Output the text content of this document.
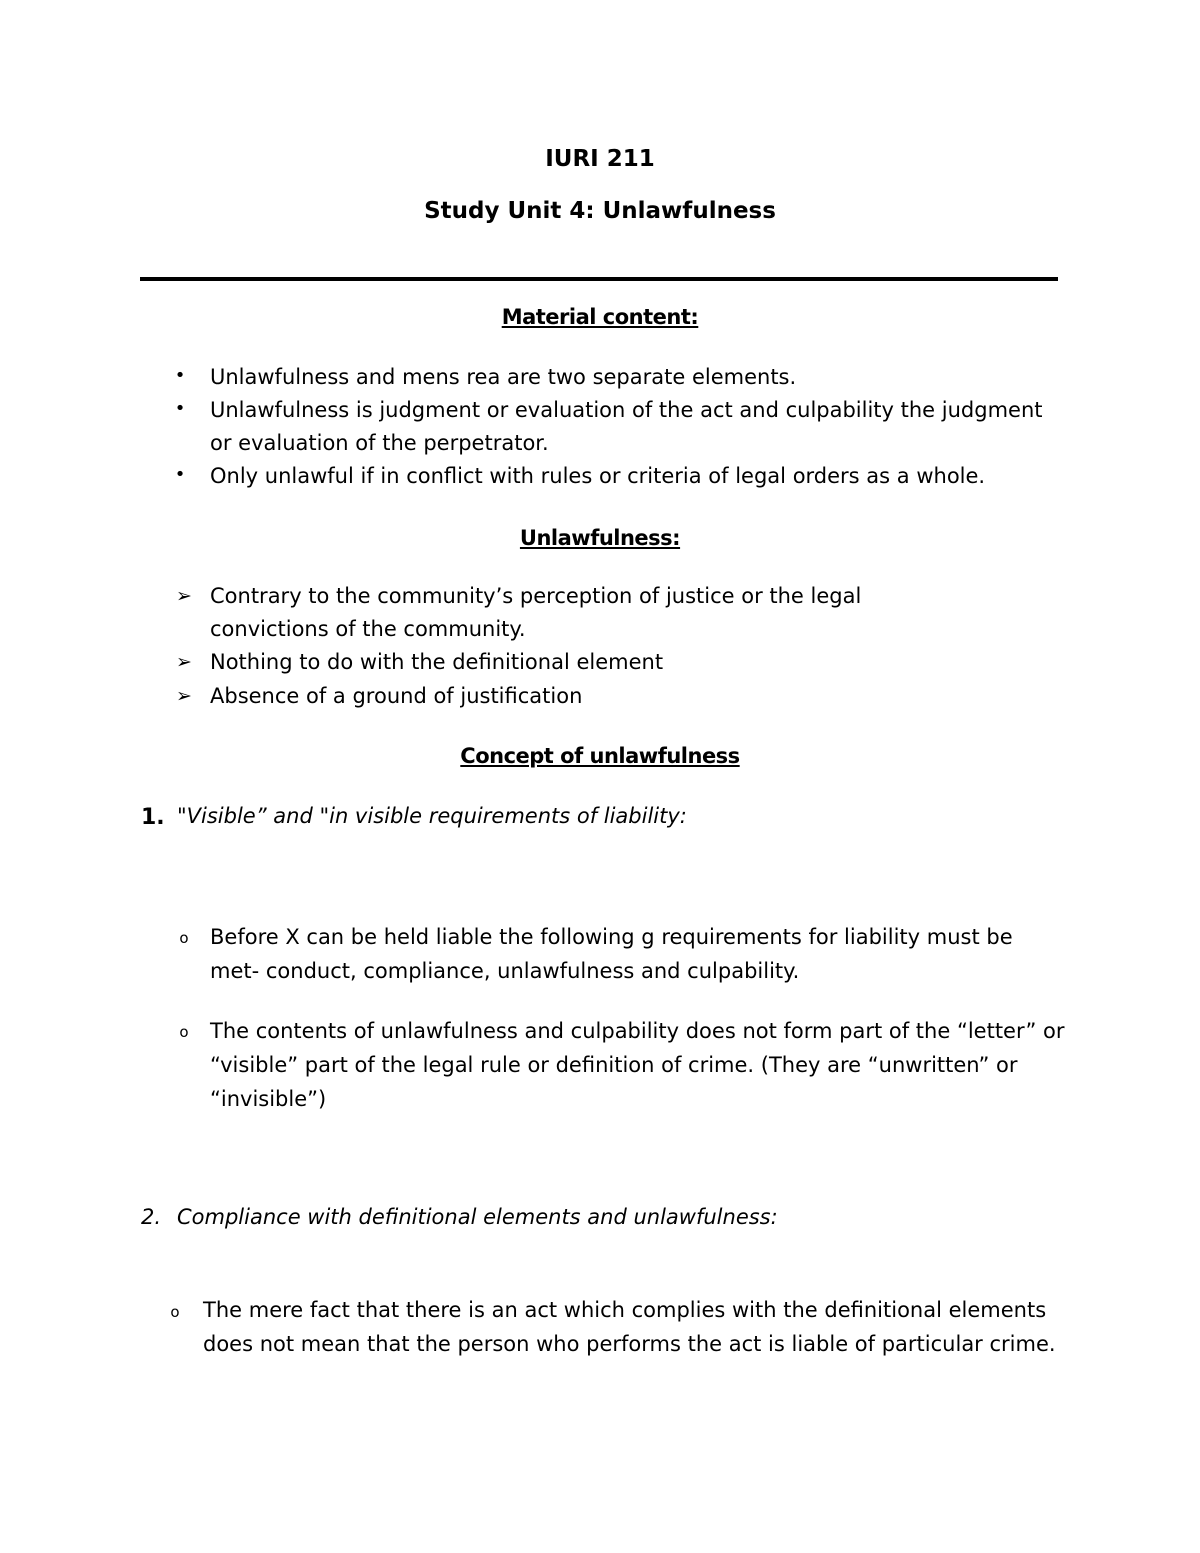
IURI 211
Study Unit 4: Unlawfulness
Material content:
•	Unlawfulness and mens rea are two separate elements.
•	Unlawfulness is judgment or evaluation of the act and culpability the judgment
or evaluation of the perpetrator.
•	Only unlawful if in conflict with rules or criteria of legal orders as a whole.
Unlawfulness:
➢ Contrary to the community’s perception of justice or the legal
convictions of the community.
➢ Nothing to do with the definitional element
➢ Absence of a ground of justification
Concept of unlawfulness
1. "Visible” and "in visible requirements of liability:
o	Before X can be held liable the following g requirements for liability must be
met- conduct, compliance, unlawfulness and culpability.
o	The contents of unlawfulness and culpability does not form part of the “letter” or
“visible” part of the legal rule or definition of crime. (They are “unwritten” or
“invisible”)
2. Compliance with definitional elements and unlawfulness:
o	The mere fact that there is an act which complies with the definitional elements
does not mean that the person who performs the act is liable of particular crime.
